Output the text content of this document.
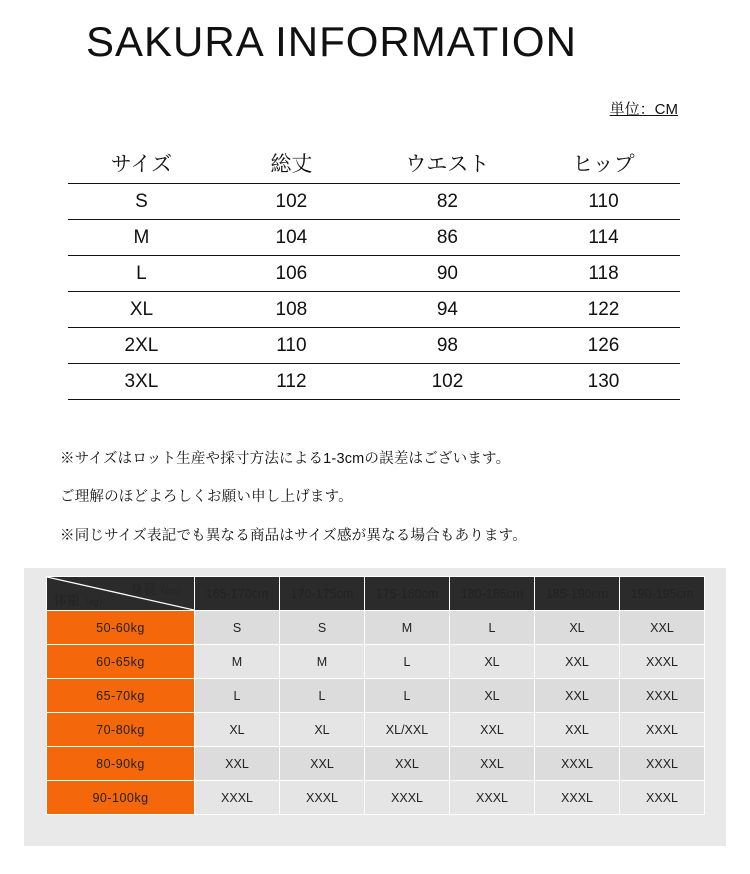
SAKURA INFORMATION
単位：CM
サイズ	総丈	ウエスト	ヒップ
S	102	82	110
M	104	86	114
L	106	90	118
XL	108	94	122
2XL	110	98	126
3XL	112	102	130
※サイズはロット生産や採寸方法による1-3cmの誤差はございます。
ご理解のほどよろしくお願い申し上げます。
※同じサイズ表記でも異なる商品はサイズ感が異なる場合もあります。
身長（cm）
体重（kg）	165-170cm	170-175cm	175-180cm	180-185cm	185-190cm	190-195cm
50-60kg	S	S	M	L	XL	XXL
60-65kg	M	M	L	XL	XXL	XXXL
65-70kg	L	L	L	XL	XXL	XXXL
70-80kg	XL	XL	XL/XXL	XXL	XXL	XXXL
80-90kg	XXL	XXL	XXL	XXL	XXXL	XXXL
90-100kg	XXXL	XXXL	XXXL	XXXL	XXXL	XXXL
